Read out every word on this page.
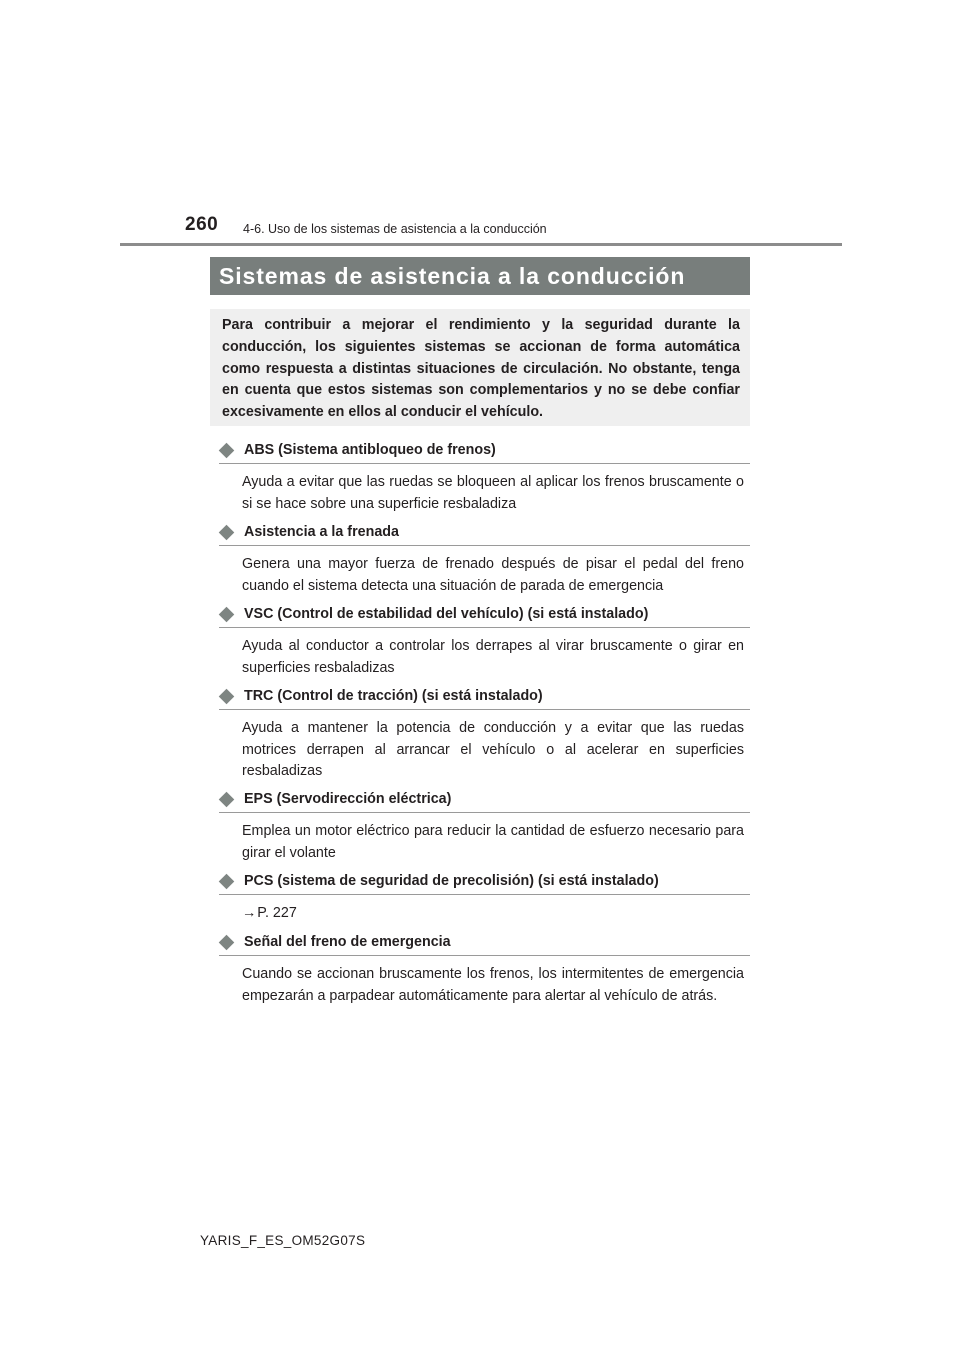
260 4-6. Uso de los sistemas de asistencia a la conducción
Sistemas de asistencia a la conducción
Para contribuir a mejorar el rendimiento y la seguridad durante la conducción, los siguientes sistemas se accionan de forma automática como respuesta a distintas situaciones de circulación. No obstante, tenga en cuenta que estos sistemas son complementarios y no se debe confiar excesivamente en ellos al conducir el vehículo.
ABS (Sistema antibloqueo de frenos)
Ayuda a evitar que las ruedas se bloqueen al aplicar los frenos bruscamente o si se hace sobre una superficie resbaladiza
Asistencia a la frenada
Genera una mayor fuerza de frenado después de pisar el pedal del freno cuando el sistema detecta una situación de parada de emergencia
VSC (Control de estabilidad del vehículo) (si está instalado)
Ayuda al conductor a controlar los derrapes al virar bruscamente o girar en superficies resbaladizas
TRC (Control de tracción) (si está instalado)
Ayuda a mantener la potencia de conducción y a evitar que las ruedas motrices derrapen al arrancar el vehículo o al acelerar en superficies resbaladizas
EPS (Servodirección eléctrica)
Emplea un motor eléctrico para reducir la cantidad de esfuerzo necesario para girar el volante
PCS (sistema de seguridad de precolisión) (si está instalado)
→P. 227
Señal del freno de emergencia
Cuando se accionan bruscamente los frenos, los intermitentes de emergencia empezarán a parpadear automáticamente para alertar al vehículo de atrás.
YARIS_F_ES_OM52G07S
